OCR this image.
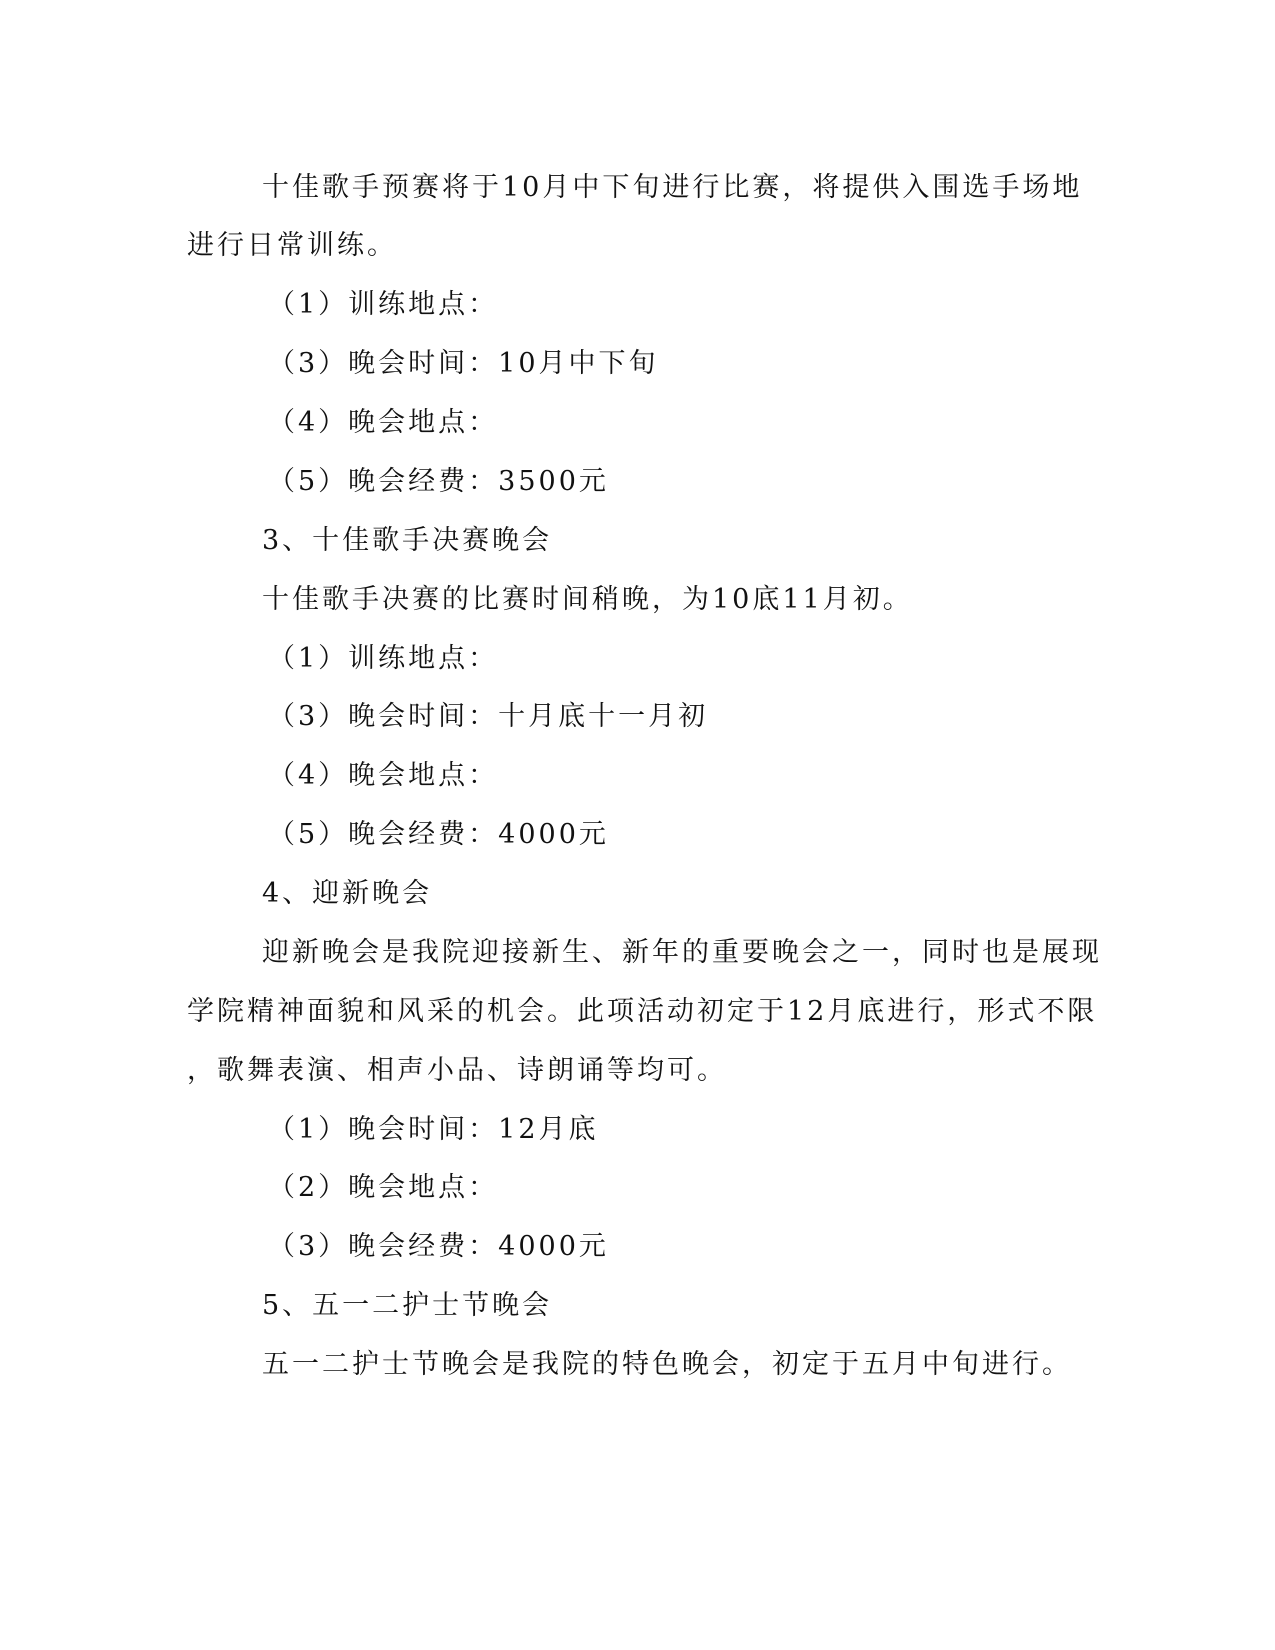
十佳歌手预赛将于10月中下旬进行比赛，将提供入围选手场地

进行日常训练。

（1）训练地点：

（3）晚会时间：10月中下旬

（4）晚会地点：

（5）晚会经费：3500元

3、十佳歌手决赛晚会

十佳歌手决赛的比赛时间稍晚，为10底11月初。

（1）训练地点：

（3）晚会时间：十月底十一月初

（4）晚会地点：

（5）晚会经费：4000元

4、迎新晚会

迎新晚会是我院迎接新生、新年的重要晚会之一，同时也是展现

学院精神面貌和风采的机会。此项活动初定于12月底进行，形式不限

，歌舞表演、相声小品、诗朗诵等均可。

（1）晚会时间：12月底

（2）晚会地点：

（3）晚会经费：4000元

5、五一二护士节晚会

五一二护士节晚会是我院的特色晚会，初定于五月中旬进行。
